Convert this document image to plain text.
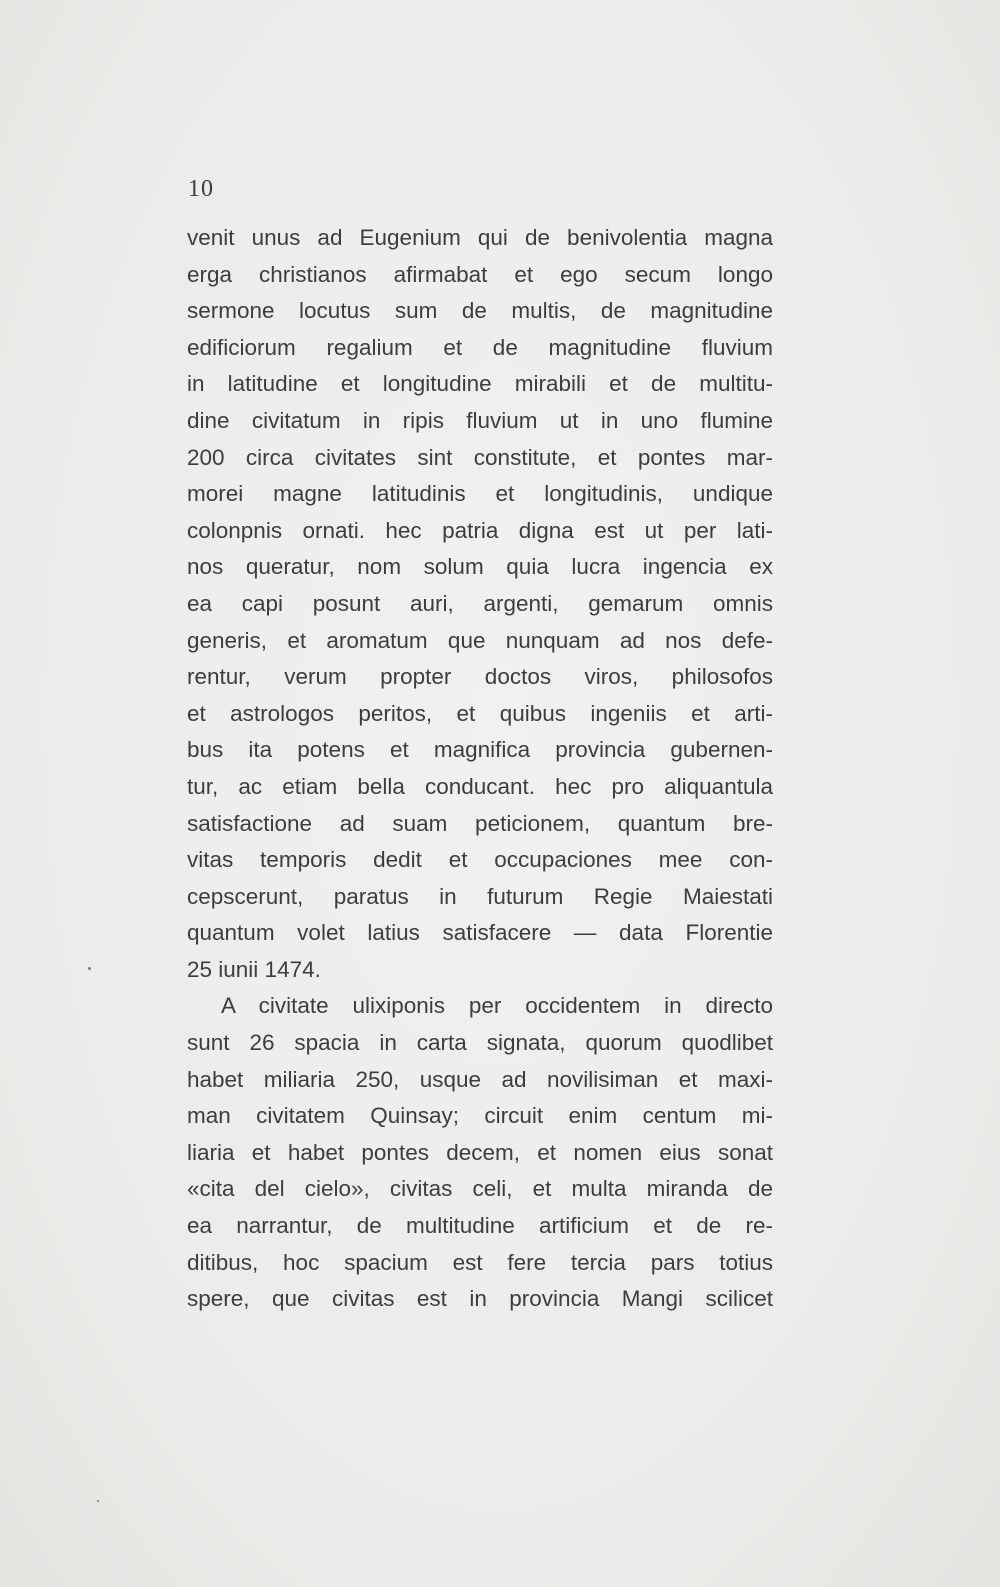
10
venit unus ad Eugenium qui de benivolentia magna
erga christianos afirmabat et ego secum longo
sermone locutus sum de multis, de magnitudine
edificiorum regalium et de magnitudine fluvium
in latitudine et longitudine mirabili et de multitu-
dine civitatum in ripis fluvium ut in uno flumine
200 circa civitates sint constitute, et pontes mar-
morei magne latitudinis et longitudinis, undique
colonpnis ornati. hec patria digna est ut per lati-
nos queratur, nom solum quia lucra ingencia ex
ea capi posunt auri, argenti, gemarum omnis
generis, et aromatum que nunquam ad nos defe-
rentur, verum propter doctos viros, philosofos
et astrologos peritos, et quibus ingeniis et arti-
bus ita potens et magnifica provincia gubernen-
tur, ac etiam bella conducant. hec pro aliquantula
satisfactione ad suam peticionem, quantum bre-
vitas temporis dedit et occupaciones mee con-
cepscerunt, paratus in futurum Regie Maiestati
quantum volet latius satisfacere — data Florentie
25 iunii 1474.
A civitate ulixiponis per occidentem in directo
sunt 26 spacia in carta signata, quorum quodlibet
habet miliaria 250, usque ad novilisiman et maxi-
man civitatem Quinsay; circuit enim centum mi-
liaria et habet pontes decem, et nomen eius sonat
«cita del cielo», civitas celi, et multa miranda de
ea narrantur, de multitudine artificium et de re-
ditibus, hoc spacium est fere tercia pars totius
spere, que civitas est in provincia Mangi scilicet
